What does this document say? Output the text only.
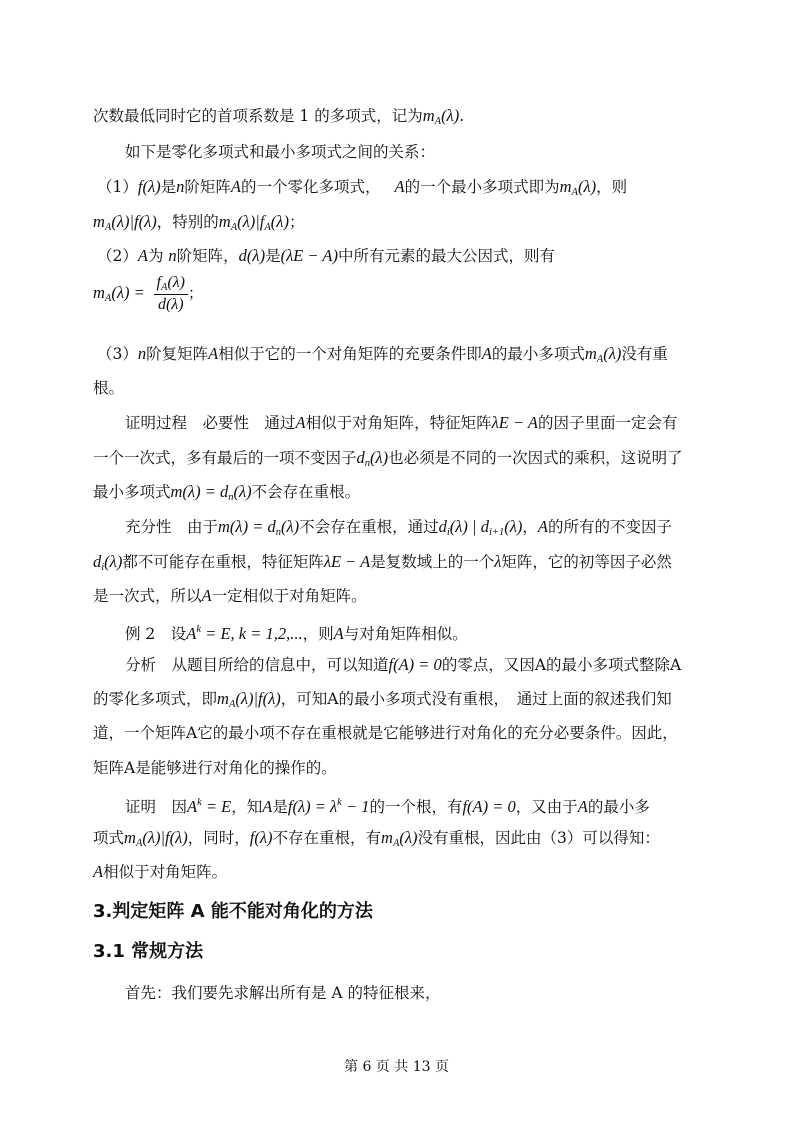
次数最低同时它的首项系数是 1 的多项式，记为$m_A(\lambda)$.
如下是零化多项式和最小多项式之间的关系：
（1）f(λ)是n阶矩阵A的一个零化多项式， A的一个最小多项式即为$m_A(\lambda)$，则
$m_A(\lambda)|f(\lambda)$，特别的$m_A(\lambda)|f_A(\lambda)$；
（2）A为 n阶矩阵，d(λ)是(λE − A)中所有元素的最大公因式，则有
$m_A(\lambda) = \frac{f_A(\lambda)}{d(\lambda)}$ ；
（3）n阶复矩阵A相似于它的一个对角矩阵的充要条件即A的最小多项式$m_A(\lambda)$没有重
根。
证明过程　必要性　通过A相似于对角矩阵，特征矩阵λE − A的因子里面一定会有
一个一次式，多有最后的一项不变因子$d_n(\lambda)$也必须是不同的一次因式的乘积，这说明了
最小多项式$m(\lambda) = d_n(\lambda)$不会存在重根。
充分性　由于$m(\lambda) = d_n(\lambda)$不会存在重根，通过$d_i(\lambda)$ | $d_{i+1}(\lambda)$，A的所有的不变因子
$d_i(\lambda)$都不可能存在重根，特征矩阵λE − A是复数域上的一个λ矩阵，它的初等因子必然
是一次式，所以A一定相似于对角矩阵。
例 2　设$A^k = E$, k = 1,2,...，则A与对角矩阵相似。
分析　从题目所给的信息中，可以知道f(A) = 0的零点，又因A的最小多项式整除A
的零化多项式，即$m_A(\lambda)|f(\lambda)$，可知A的最小多项式没有重根，　通过上面的叙述我们知
道，一个矩阵A它的最小项不存在重根就是它能够进行对角化的充分必要条件。因此，
矩阵A是能够进行对角化的操作的。
证明　因$A^k = E$，知A是$f(\lambda) = \lambda^k - 1$的一个根，有f(A) = 0，又由于A的最小多
项式$m_A(\lambda)|f(\lambda)$，同时，f(λ)不存在重根，有$m_A(\lambda)$没有重根，因此由（3）可以得知：
A相似于对角矩阵。
3.判定矩阵 A 能不能对角化的方法
3.1 常规方法
首先：我们要先求解出所有是 A 的特征根来，
第 6 页 共 13 页
